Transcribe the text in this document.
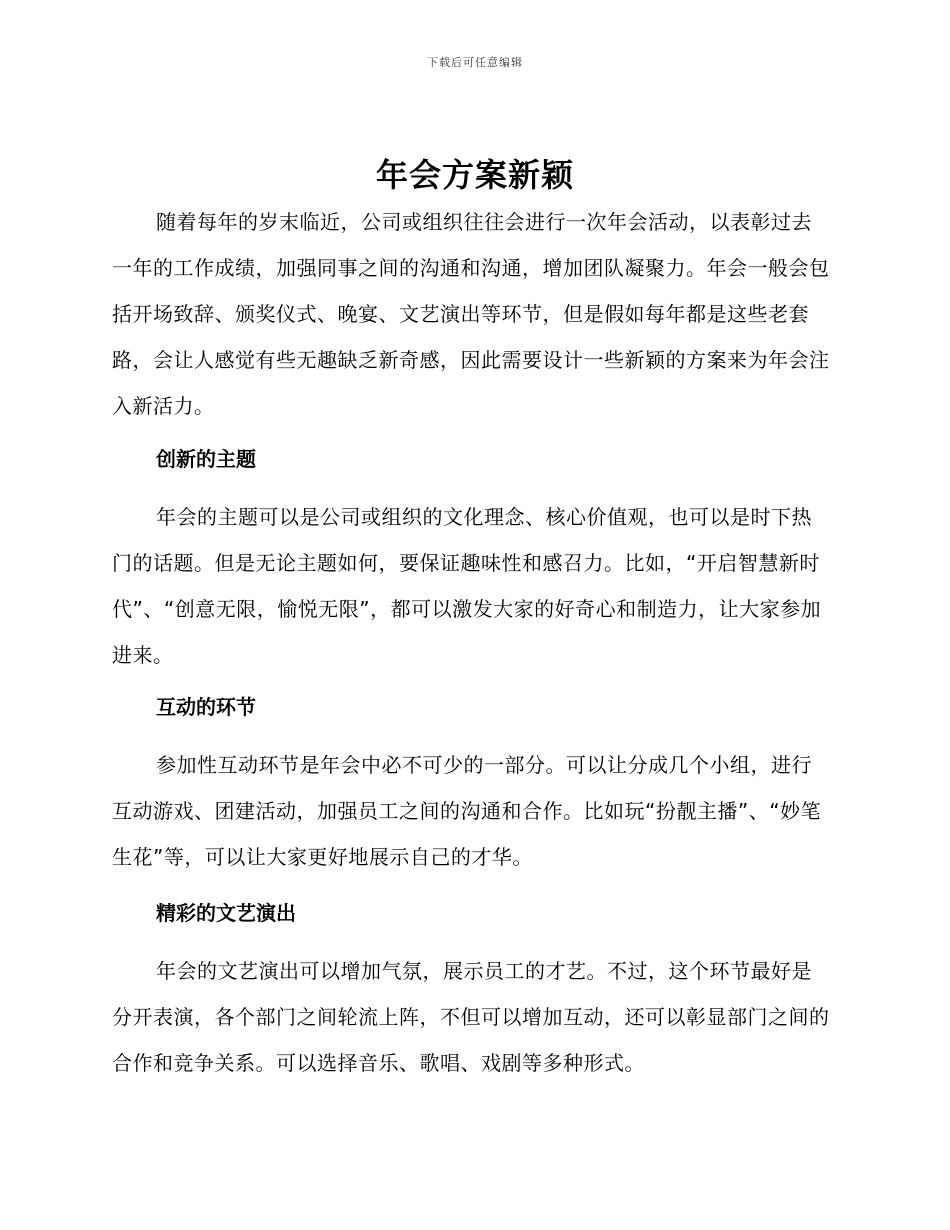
下载后可任意编辑
年会方案新颖

随着每年的岁末临近，公司或组织往往会进行一次年会活动，以表彰过去一年的工作成绩，加强同事之间的沟通和沟通，增加团队凝聚力。年会一般会包括开场致辞、颁奖仪式、晚宴、文艺演出等环节，但是假如每年都是这些老套路，会让人感觉有些无趣缺乏新奇感，因此需要设计一些新颖的方案来为年会注入新活力。

创新的主题

年会的主题可以是公司或组织的文化理念、核心价值观，也可以是时下热门的话题。但是无论主题如何，要保证趣味性和感召力。比如，“开启智慧新时代”、“创意无限，愉悦无限”，都可以激发大家的好奇心和制造力，让大家参加进来。

互动的环节

参加性互动环节是年会中必不可少的一部分。可以让分成几个小组，进行互动游戏、团建活动，加强员工之间的沟通和合作。比如玩“扮靓主播”、“妙笔生花”等，可以让大家更好地展示自己的才华。

精彩的文艺演出

年会的文艺演出可以增加气氛，展示员工的才艺。不过，这个环节最好是分开表演，各个部门之间轮流上阵，不但可以增加互动，还可以彰显部门之间的合作和竞争关系。可以选择音乐、歌唱、戏剧等多种形式。
